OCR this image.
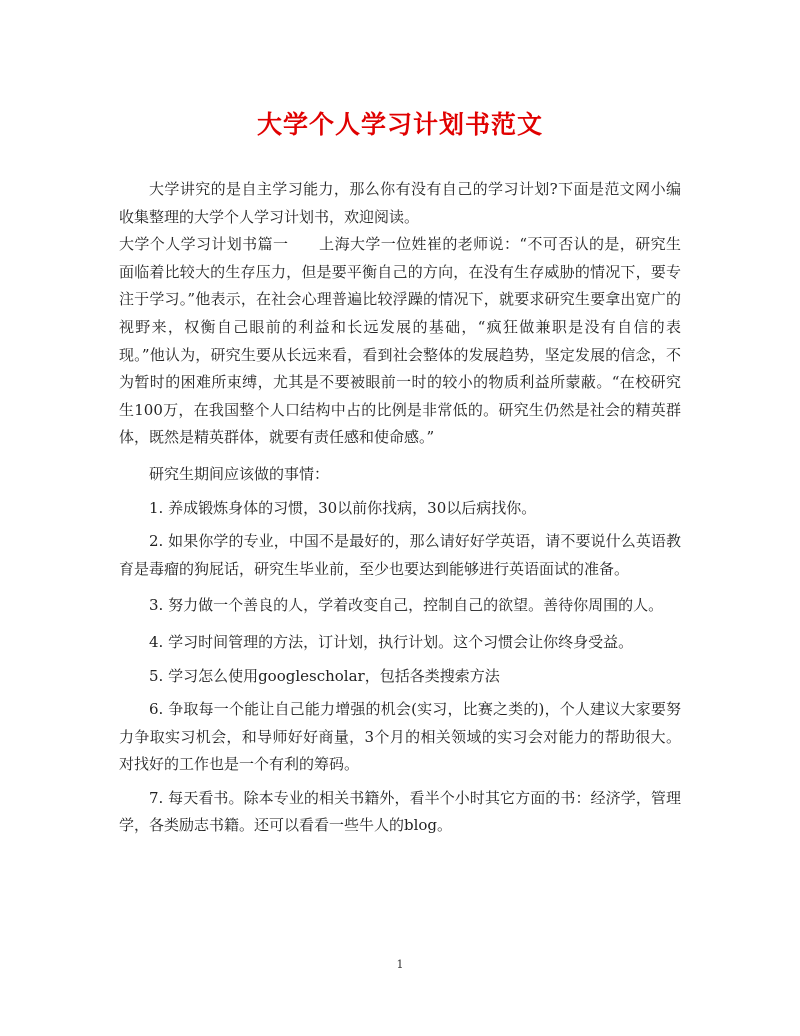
大学个人学习计划书范文

大学讲究的是自主学习能力，那么你有没有自己的学习计划?下面是范文网小编收集整理的大学个人学习计划书，欢迎阅读。

大学个人学习计划书篇一　　上海大学一位姓崔的老师说：“不可否认的是，研究生面临着比较大的生存压力，但是要平衡自己的方向，在没有生存威胁的情况下，要专注于学习。”他表示，在社会心理普遍比较浮躁的情况下，就要求研究生要拿出宽广的视野来，权衡自己眼前的利益和长远发展的基础，“疯狂做兼职是没有自信的表现。”他认为，研究生要从长远来看，看到社会整体的发展趋势，坚定发展的信念，不为暂时的困难所束缚，尤其是不要被眼前一时的较小的物质利益所蒙蔽。“在校研究生100万，在我国整个人口结构中占的比例是非常低的。研究生仍然是社会的精英群体，既然是精英群体，就要有责任感和使命感。”

研究生期间应该做的事情：

1. 养成锻炼身体的习惯，30以前你找病，30以后病找你。

2. 如果你学的专业，中国不是最好的，那么请好好学英语，请不要说什么英语教育是毒瘤的狗屁话，研究生毕业前，至少也要达到能够进行英语面试的准备。

3. 努力做一个善良的人，学着改变自己，控制自己的欲望。善待你周围的人。

4. 学习时间管理的方法，订计划，执行计划。这个习惯会让你终身受益。

5. 学习怎么使用googlescholar，包括各类搜索方法

6. 争取每一个能让自己能力增强的机会(实习，比赛之类的)，个人建议大家要努力争取实习机会，和导师好好商量，3个月的相关领域的实习会对能力的帮助很大。对找好的工作也是一个有利的筹码。

7. 每天看书。除本专业的相关书籍外，看半个小时其它方面的书：经济学，管理学，各类励志书籍。还可以看看一些牛人的blog。

1
